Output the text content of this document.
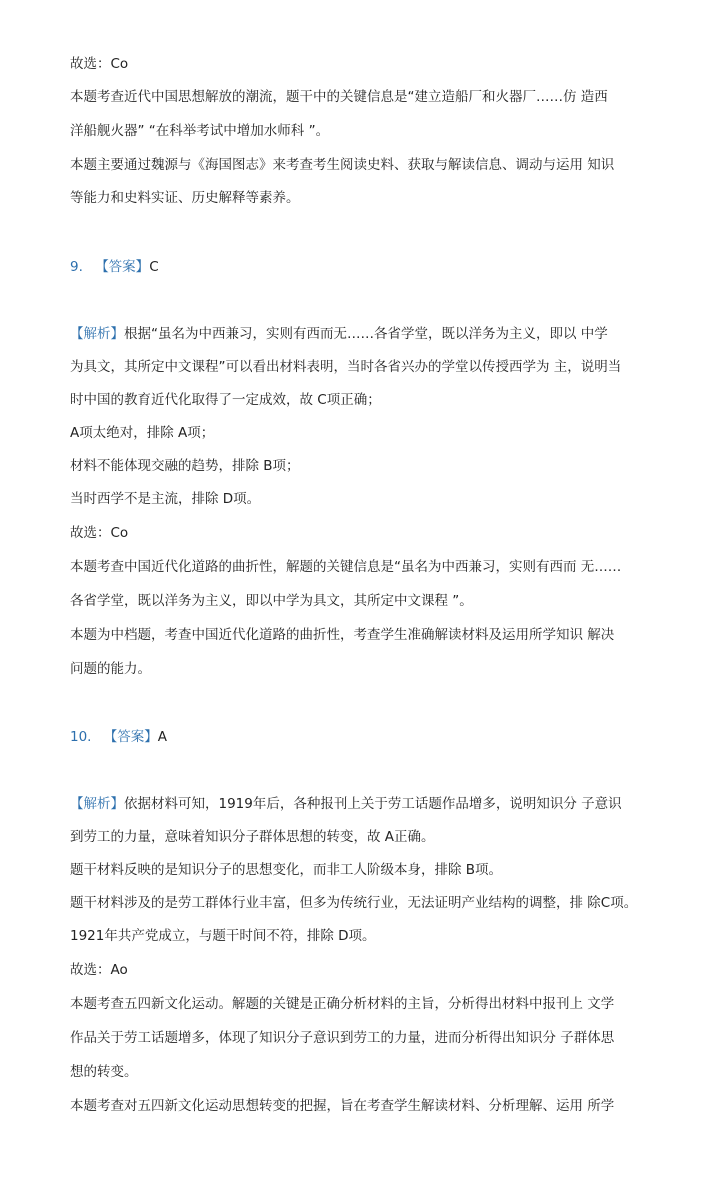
故选：Co
本题考查近代中国思想解放的潮流，题干中的关键信息是“建立造船厂和火器厂……仿 造西
洋船舰火器” “在科举考试中增加水师科 ”。
本题主要通过魏源与《海国图志》来考查考生阅读史料、获取与解读信息、调动与运用 知识
等能力和史料实证、历史解释等素养。
9. 【答案】C
【解析】根据“虽名为中西兼习，实则有西而无……各省学堂，既以洋务为主义，即以 中学
为具文，其所定中文课程”可以看出材料表明，当时各省兴办的学堂以传授西学为 主，说明当
时中国的教育近代化取得了一定成效，故 C项正确；
A项太绝对，排除 A项；
材料不能体现交融的趋势，排除 B项；
当时西学不是主流，排除 D项。
故选：Co
本题考查中国近代化道路的曲折性，解题的关键信息是“虽名为中西兼习，实则有西而 无……
各省学堂，既以洋务为主义，即以中学为具文，其所定中文课程 ”。
本题为中档题，考查中国近代化道路的曲折性，考查学生准确解读材料及运用所学知识 解决
问题的能力。
10. 【答案】A
【解析】依据材料可知，1919年后，各种报刊上关于劳工话题作品增多，说明知识分 子意识
到劳工的力量，意味着知识分子群体思想的转变，故 A正确。
题干材料反映的是知识分子的思想变化，而非工人阶级本身，排除 B项。
题干材料涉及的是劳工群体行业丰富，但多为传统行业，无法证明产业结构的调整，排 除C项。
1921年共产党成立，与题干时间不符，排除 D项。
故选：Ao
本题考查五四新文化运动。解题的关键是正确分析材料的主旨，分析得出材料中报刊上 文学
作品关于劳工话题增多，体现了知识分子意识到劳工的力量，进而分析得出知识分 子群体思
想的转变。
本题考查对五四新文化运动思想转变的把握，旨在考查学生解读材料、分析理解、运用 所学
